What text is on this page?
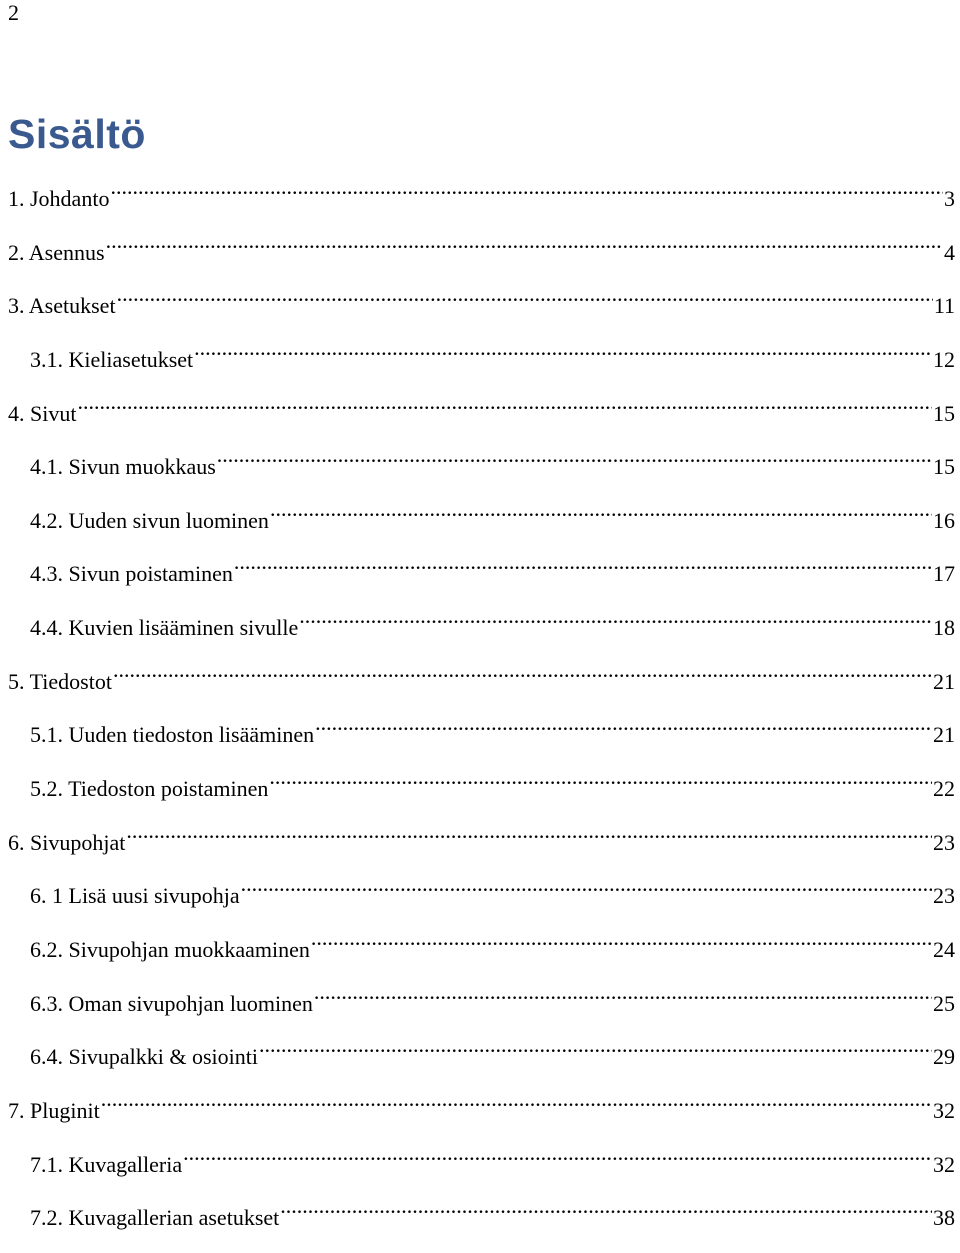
2
Sisältö
1. Johdanto .....	3
2. Asennus .....	4
3. Asetukset .....	11
3.1. Kieliasetukset .....	12
4. Sivut .....	15
4.1. Sivun muokkaus .....	15
4.2. Uuden sivun luominen .....	16
4.3. Sivun poistaminen .....	17
4.4. Kuvien lisääminen sivulle .....	18
5. Tiedostot .....	21
5.1. Uuden tiedoston lisääminen .....	21
5.2. Tiedoston poistaminen .....	22
6. Sivupohjat .....	23
6. 1 Lisä uusi sivupohja .....	23
6.2. Sivupohjan muokkaaminen .....	24
6.3. Oman sivupohjan luominen .....	25
6.4. Sivupalkki & osiointi .....	29
7. Pluginit .....	32
7.1. Kuvagalleria .....	32
7.2. Kuvagallerian asetukset .....	38
